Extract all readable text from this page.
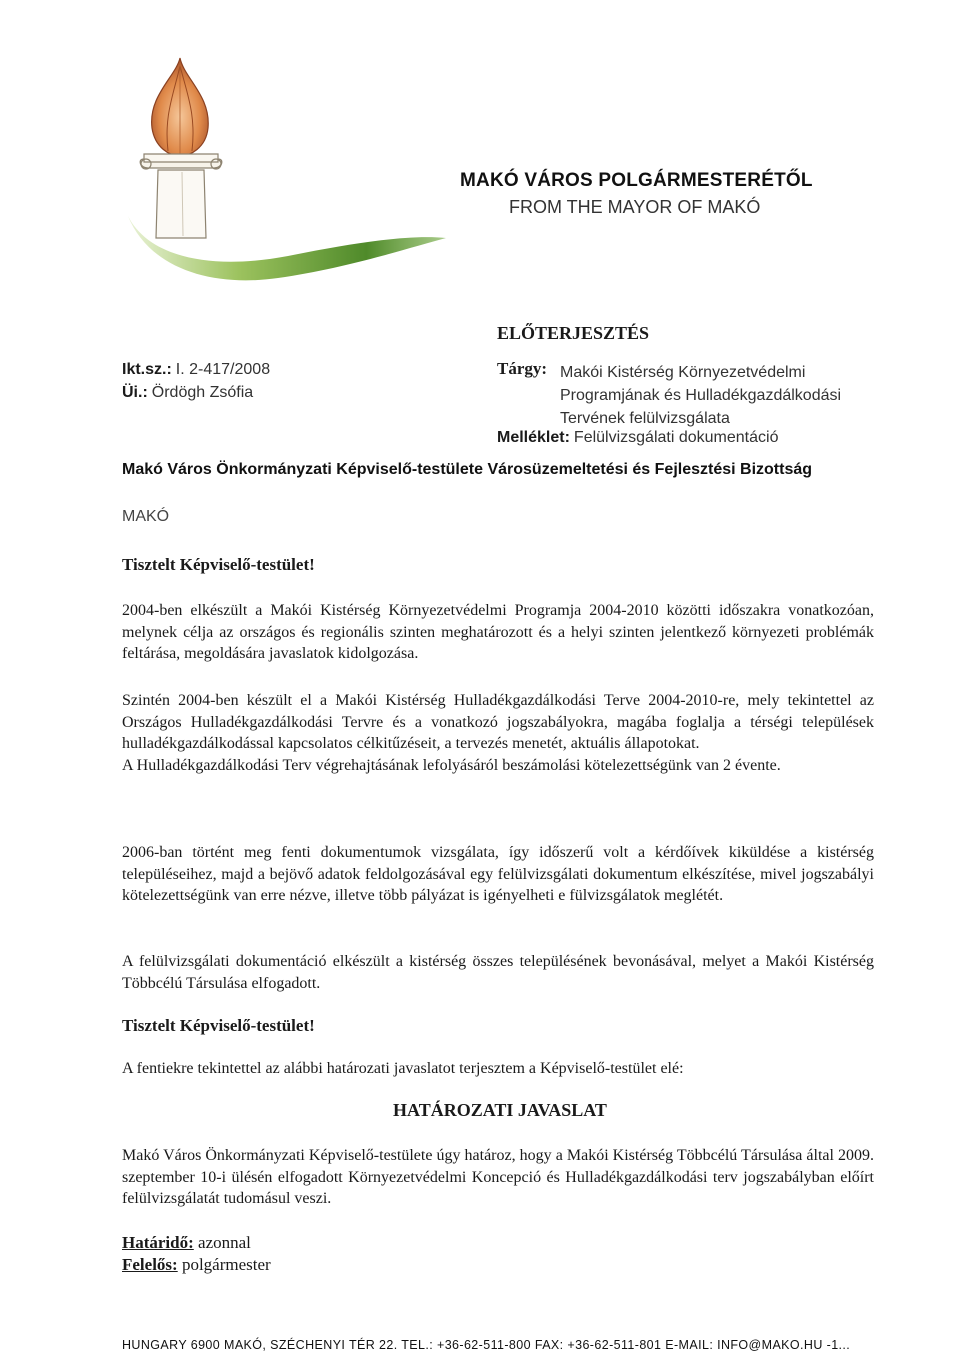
MAKÓ VÁROS POLGÁRMESTERÉTŐL
FROM THE MAYOR OF MAKÓ
ELŐTERJESZTÉS
Ikt.sz.: I. 2-417/2008
Üi.: Ördögh Zsófia
Tárgy: Makói Kistérség Környezetvédelmi
Programjának és Hulladékgazdálkodási
Tervének felülvizsgálata
Melléklet: Felülvizsgálati dokumentáció
Makó Város Önkormányzati Képviselő-testülete Városüzemeltetési és Fejlesztési Bizottság
MAKÓ
Tisztelt Képviselő-testület!
2004-ben elkészült a Makói Kistérség Környezetvédelmi Programja 2004-2010 közötti időszakra vonatkozóan, melynek célja az országos és regionális szinten meghatározott és a helyi szinten jelentkező környezeti problémák feltárása, megoldására javaslatok kidolgozása.
Szintén 2004-ben készült el a Makói Kistérség Hulladékgazdálkodási Terve 2004-2010-re, mely tekintettel az Országos Hulladékgazdálkodási Tervre és a vonatkozó jogszabályokra, magába foglalja a térségi települések hulladékgazdálkodással kapcsolatos célkitűzéseit, a tervezés menetét, aktuális állapotokat.
A Hulladékgazdálkodási Terv végrehajtásának lefolyásáról beszámolási kötelezettségünk van 2 évente.
2006-ban történt meg fenti dokumentumok vizsgálata, így időszerű volt a kérdőívek kiküldése a kistérség településeihez, majd a bejövő adatok feldolgozásával egy felülvizsgálati dokumentum elkészítése, mivel jogszabályi kötelezettségünk van erre nézve, illetve több pályázat is igényelheti e fülvizsgálatok meglétét.
A felülvizsgálati dokumentáció elkészült a kistérség összes településének bevonásával, melyet a Makói Kistérség Többcélú Társulása elfogadott.
Tisztelt Képviselő-testület!
A fentiekre tekintettel az alábbi határozati javaslatot terjesztem a Képviselő-testület elé:
HATÁROZATI JAVASLAT
Makó Város Önkormányzati Képviselő-testülete úgy határoz, hogy a Makói Kistérség Többcélú Társulása által 2009. szeptember 10-i ülésén elfogadott Környezetvédelmi Koncepció és Hulladékgazdálkodási terv jogszabályban előírt felülvizsgálatát tudomásul veszi.
Határidő: azonnal
Felelős: polgármester
HUNGARY 6900 MAKÓ, SZÉCHENYI TÉR 22. TEL.: +36-62-511-800 FAX: +36-62-511-801 E-MAIL: INFO@MAKO.HU -1...
